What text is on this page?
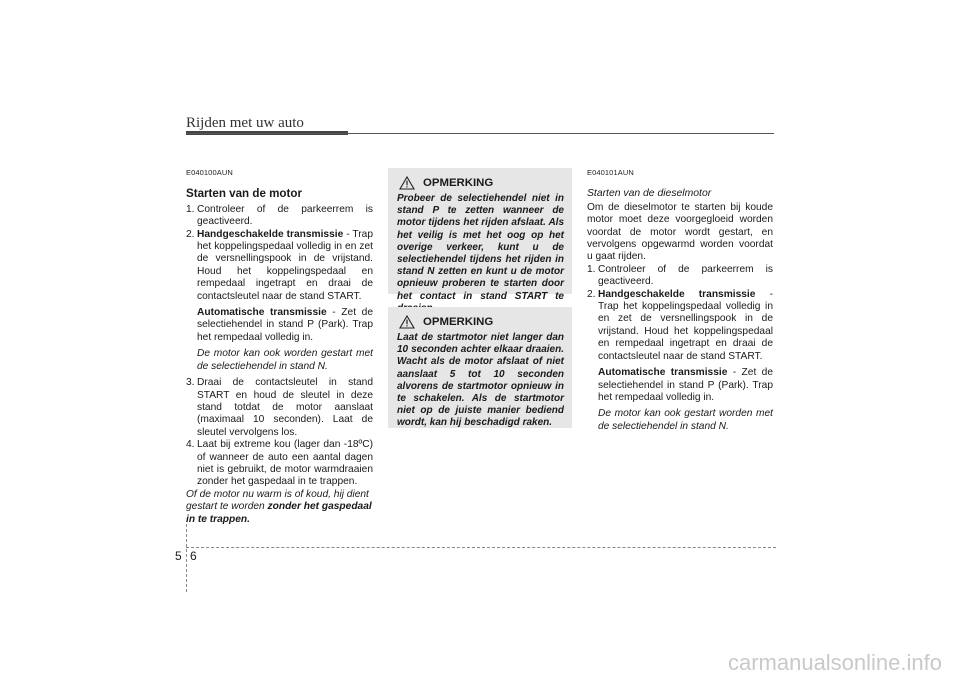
Rijden met uw auto

E040100AUN

Starten van de motor

1. Controleer of de parkeerrem is geactiveerd.
2. Handgeschakelde transmissie - Trap het koppelingspedaal volledig in en zet de versnellingspook in de vrijstand. Houd het koppelingspedaal en rempedaal ingetrapt en draai de contactsleutel naar de stand START.

Automatische transmissie - Zet de selectiehendel in stand P (Park). Trap het rempedaal volledig in.

De motor kan ook worden gestart met de selectiehendel in stand N.

3. Draai de contactsleutel in stand START en houd de sleutel in deze stand totdat de motor aanslaat (maximaal 10 seconden). Laat de sleutel vervolgens los.
4. Laat bij extreme kou (lager dan -18ºC) of wanneer de auto een aantal dagen niet is gebruikt, de motor warmdraaien zonder het gaspedaal in te trappen.

Of de motor nu warm is of koud, hij dient gestart te worden zonder het gaspedaal in te trappen.

OPMERKING
Probeer de selectiehendel niet in stand P te zetten wanneer de motor tijdens het rijden afslaat. Als het veilig is met het oog op het overige verkeer, kunt u de selectiehendel tijdens het rijden in stand N zetten en kunt u de motor opnieuw proberen te starten door het contact in stand START te
OPMERKING
Laat de startmotor niet langer dan 10 seconden achter elkaar draaien. Wacht als de motor afslaat of niet aanslaat 5 tot 10 seconden alvorens de startmotor opnieuw in te schakelen. Als de startmotor niet op de juiste manier bediend wordt, kan hij beschadigd raken.

E040101AUN

Starten van de dieselmotor

Om de dieselmotor te starten bij koude motor moet deze voorgegloeid worden voordat de motor wordt gestart, en vervolgens opgewarmd worden voordat u gaat rijden.

1. Controleer of de parkeerrem is geactiveerd.
2. Handgeschakelde transmissie - Trap het koppelingspedaal volledig in en zet de versnellingspook in de vrijstand. Houd het koppelingspedaal en rempedaal ingetrapt en draai de contactsleutel naar de stand START.

Automatische transmissie - Zet de selectiehendel in stand P (Park). Trap het rempedaal volledig in.

De motor kan ook gestart worden met de selectiehendel in stand N.

5 6
carmanualsonline.info
